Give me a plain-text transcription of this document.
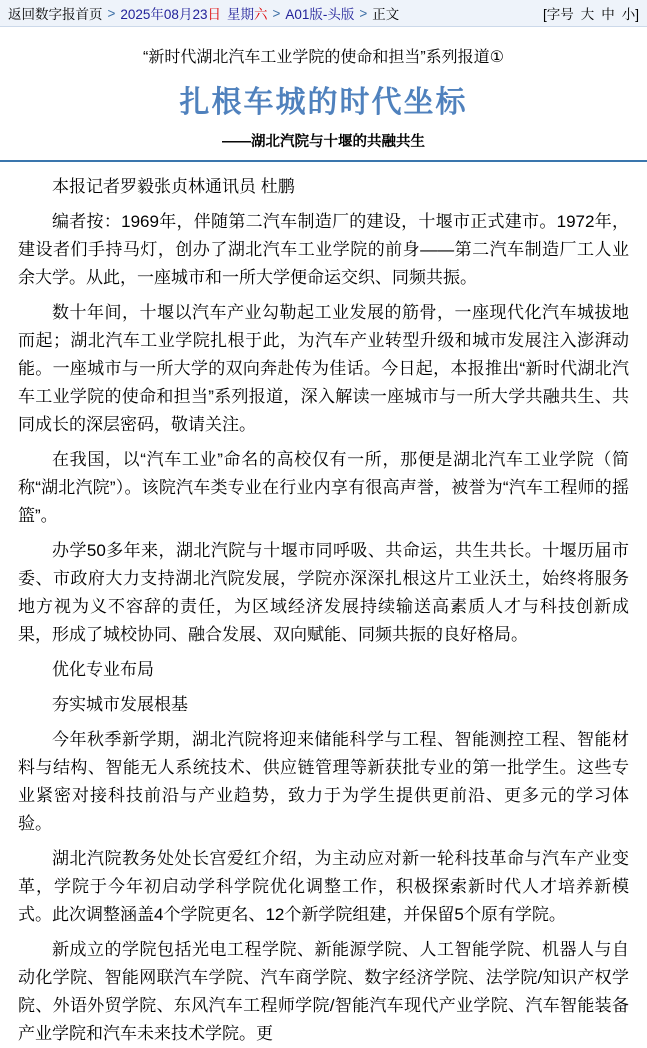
返回数字报首页 > 2025年08月23日 星期六 > A01版-头版 > 正文	[字号 大 中 小]
“新时代湖北汽车工业学院的使命和担当”系列报道①
扎根车城的时代坐标
——湖北汽院与十堰的共融共生

本报记者罗毅张贞林通讯员 杜鹏

编者按：1969年，伴随第二汽车制造厂的建设，十堰市正式建市。1972年，建设者们手持马灯，创办了湖北汽车工业学院的前身——第二汽车制造厂工人业余大学。从此，一座城市和一所大学便命运交织、同频共振。

数十年间，十堰以汽车产业勾勒起工业发展的筋骨，一座现代化汽车城拔地而起；湖北汽车工业学院扎根于此，为汽车产业转型升级和城市发展注入澎湃动能。一座城市与一所大学的双向奔赴传为佳话。今日起，本报推出“新时代湖北汽车工业学院的使命和担当”系列报道，深入解读一座城市与一所大学共融共生、共同成长的深层密码，敬请关注。

在我国，以“汽车工业”命名的高校仅有一所，那便是湖北汽车工业学院（简称“湖北汽院”）。该院汽车类专业在行业内享有很高声誉，被誉为“汽车工程师的摇篮”。

办学50多年来，湖北汽院与十堰市同呼吸、共命运，共生共长。十堰历届市委、市政府大力支持湖北汽院发展，学院亦深深扎根这片工业沃土，始终将服务地方视为义不容辞的责任，为区域经济发展持续输送高素质人才与科技创新成果，形成了城校协同、融合发展、双向赋能、同频共振的良好格局。

优化专业布局

夯实城市发展根基

今年秋季新学期，湖北汽院将迎来储能科学与工程、智能测控工程、智能材料与结构、智能无人系统技术、供应链管理等新获批专业的第一批学生。这些专业紧密对接科技前沿与产业趋势，致力于为学生提供更前沿、更多元的学习体验。

湖北汽院教务处处长宫爱红介绍，为主动应对新一轮科技革命与汽车产业变革，学院于今年初启动学科学院优化调整工作，积极探索新时代人才培养新模式。此次调整涵盖4个学院更名、12个新学院组建，并保留5个原有学院。

新成立的学院包括光电工程学院、新能源学院、人工智能学院、机器人与自动化学院、智能网联汽车学院、汽车商学院、数字经济学院、法学院/知识产权学院、外语外贸学院、东风汽车工程师学院/智能汽车现代产业学院、汽车智能装备产业学院和汽车未来技术学院。更
